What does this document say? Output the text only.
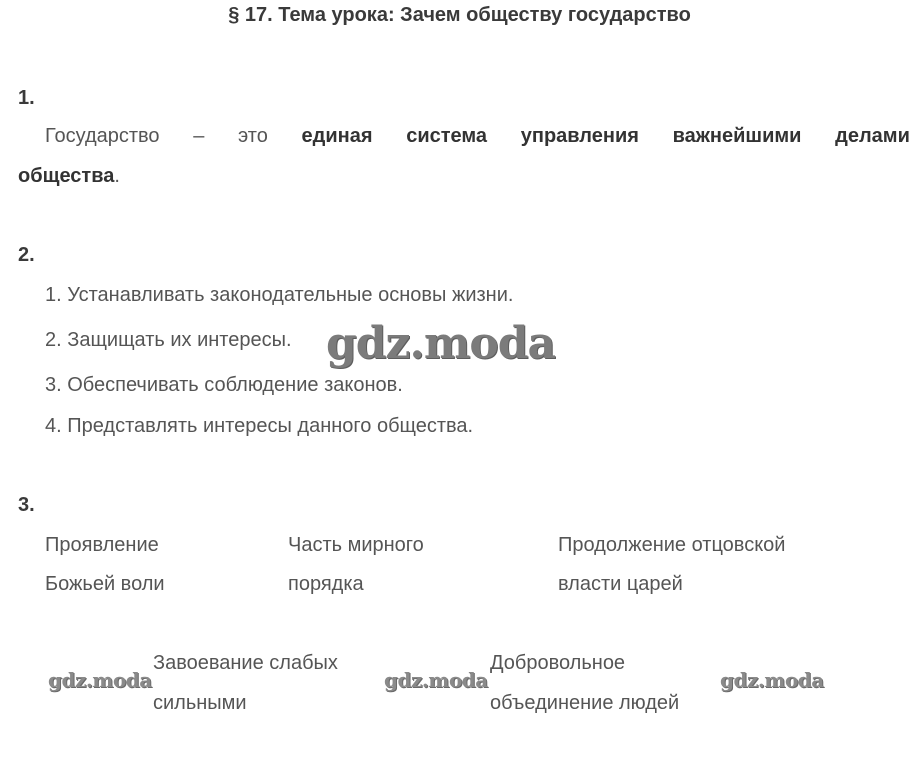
§ 17. Тема урока: Зачем обществу государство
1.
Государство – это единая система управления важнейшими делами
общества.
2.
1. Устанавливать законодательные основы жизни.
2. Защищать их интересы.
3. Обеспечивать соблюдение законов.
4. Представлять интересы данного общества.
gdz.moda
3.
Проявление
Божьей воли
Часть мирного
порядка
Продолжение отцовской
власти царей
gdz.moda
Завоевание слабых
сильными
gdz.moda
Добровольное
объединение людей
gdz.moda
